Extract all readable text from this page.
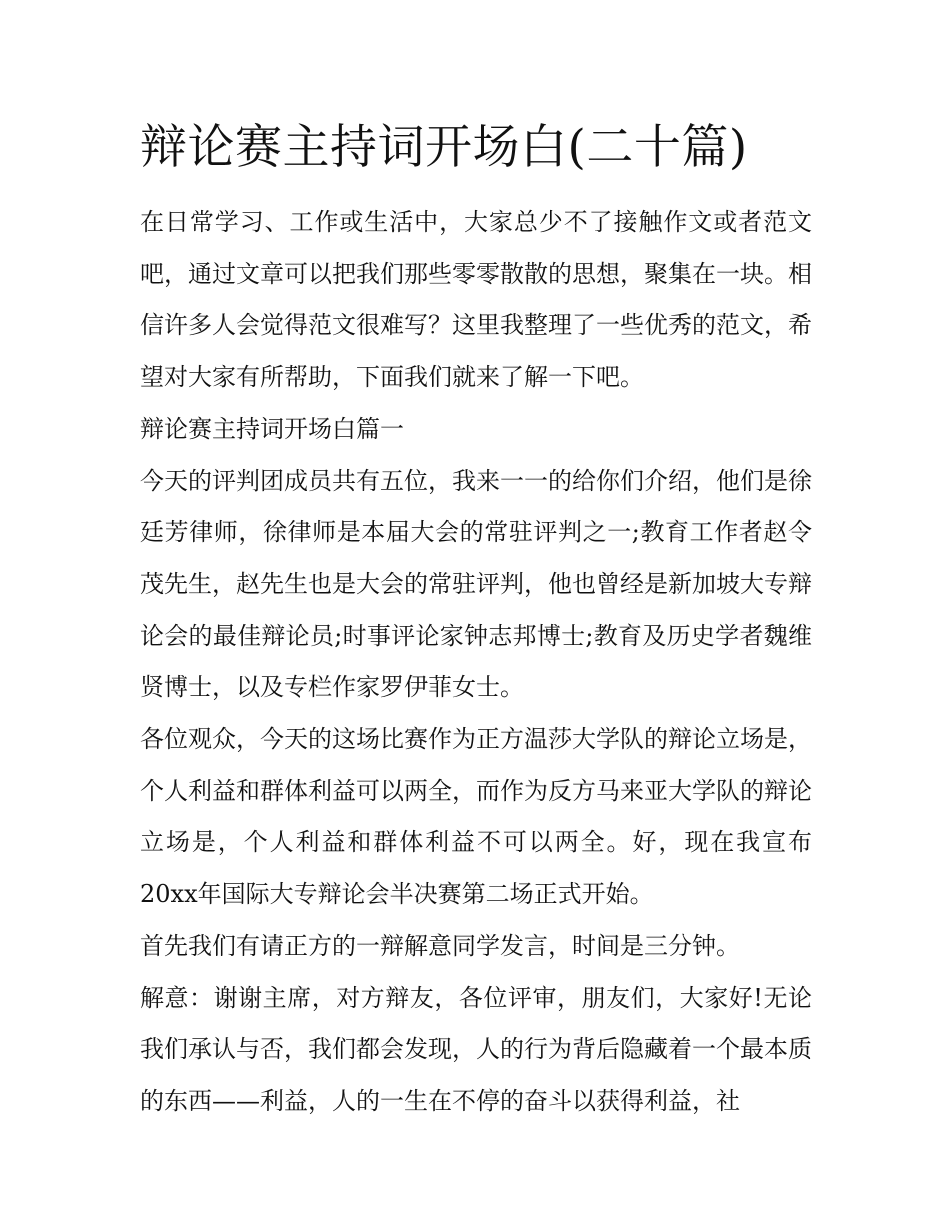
辩论赛主持词开场白(二十篇)

在日常学习、工作或生活中，大家总少不了接触作文或者范文吧，通过文章可以把我们那些零零散散的思想，聚集在一块。相信许多人会觉得范文很难写？这里我整理了一些优秀的范文，希望对大家有所帮助，下面我们就来了解一下吧。

辩论赛主持词开场白篇一

今天的评判团成员共有五位，我来一一的给你们介绍，他们是徐廷芳律师，徐律师是本届大会的常驻评判之一;教育工作者赵令茂先生，赵先生也是大会的常驻评判，他也曾经是新加坡大专辩论会的最佳辩论员;时事评论家钟志邦博士;教育及历史学者魏维贤博士，以及专栏作家罗伊菲女士。

各位观众，今天的这场比赛作为正方温莎大学队的辩论立场是，个人利益和群体利益可以两全，而作为反方马来亚大学队的辩论立场是，个人利益和群体利益不可以两全。好，现在我宣布20xx年国际大专辩论会半决赛第二场正式开始。

首先我们有请正方的一辩解意同学发言，时间是三分钟。

解意：谢谢主席，对方辩友，各位评审，朋友们，大家好!无论我们承认与否，我们都会发现，人的行为背后隐藏着一个最本质的东西——利益，人的一生在不停的奋斗以获得利益，社
